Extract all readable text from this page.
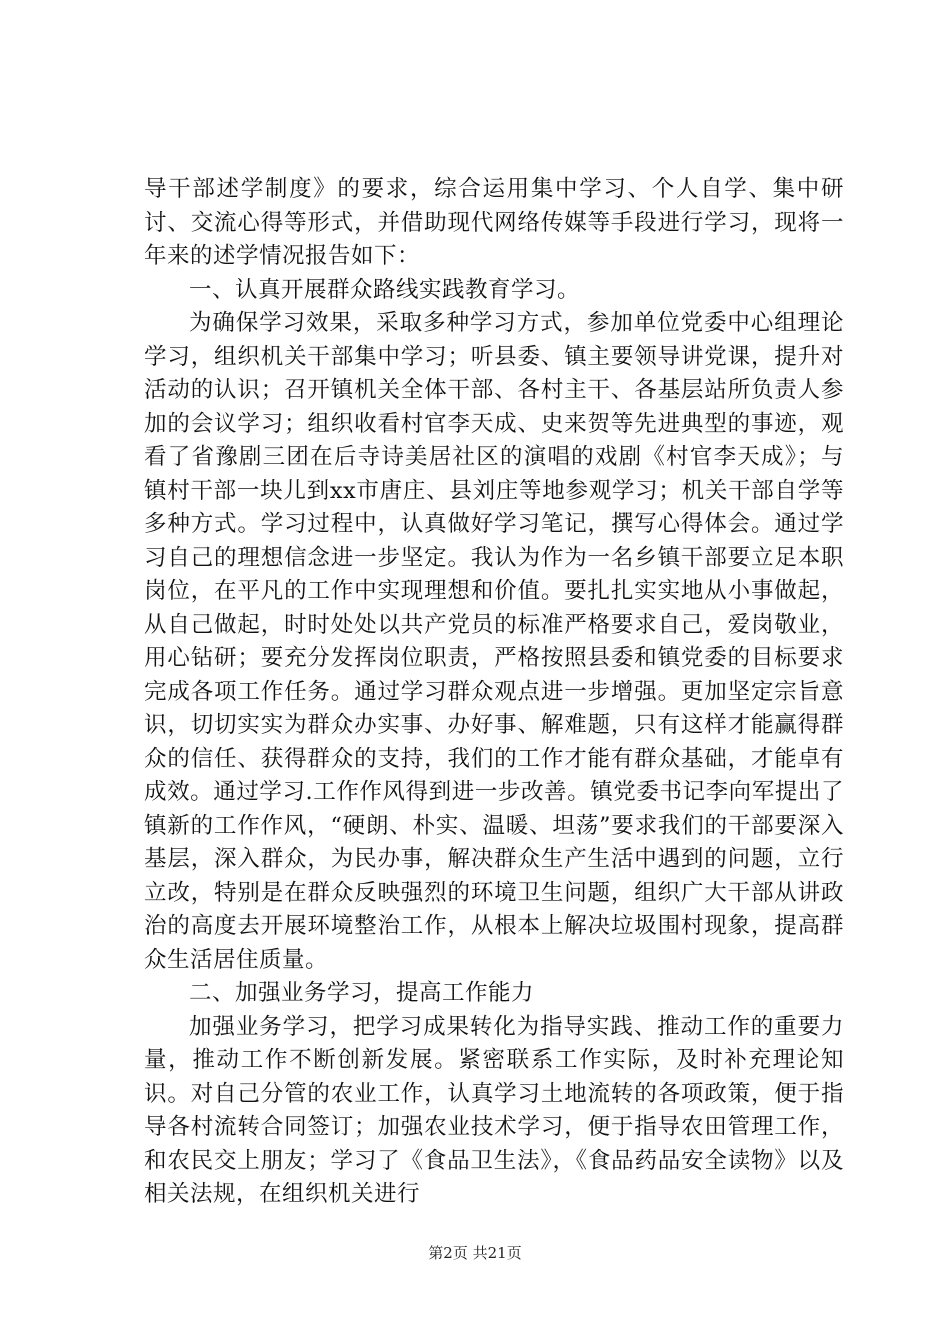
导干部述学制度》的要求，综合运用集中学习、个人自学、集中研讨、交流心得等形式，并借助现代网络传媒等手段进行学习，现将一年来的述学情况报告如下：

一、认真开展群众路线实践教育学习。

为确保学习效果，采取多种学习方式，参加单位党委中心组理论学习，组织机关干部集中学习；听县委、镇主要领导讲党课，提升对活动的认识；召开镇机关全体干部、各村主干、各基层站所负责人参加的会议学习；组织收看村官李天成、史来贺等先进典型的事迹，观看了省豫剧三团在后寺诗美居社区的演唱的戏剧《村官李天成》；与镇村干部一块儿到xx市唐庄、县刘庄等地参观学习；机关干部自学等多种方式。学习过程中，认真做好学习笔记，撰写心得体会。通过学习自己的理想信念进一步坚定。我认为作为一名乡镇干部要立足本职岗位，在平凡的工作中实现理想和价值。要扎扎实实地从小事做起，从自己做起，时时处处以共产党员的标准严格要求自己，爱岗敬业，用心钻研；要充分发挥岗位职责，严格按照县委和镇党委的目标要求完成各项工作任务。通过学习群众观点进一步增强。更加坚定宗旨意识，切切实实为群众办实事、办好事、解难题，只有这样才能赢得群众的信任、获得群众的支持，我们的工作才能有群众基础，才能卓有成效。通过学习.工作作风得到进一步改善。镇党委书记李向军提出了镇新的工作作风，“硬朗、朴实、温暖、坦荡”要求我们的干部要深入基层，深入群众，为民办事，解决群众生产生活中遇到的问题，立行立改，特别是在群众反映强烈的环境卫生问题，组织广大干部从讲政治的高度去开展环境整治工作，从根本上解决垃圾围村现象，提高群众生活居住质量。

二、加强业务学习，提高工作能力

加强业务学习，把学习成果转化为指导实践、推动工作的重要力量，推动工作不断创新发展。紧密联系工作实际，及时补充理论知识。对自己分管的农业工作，认真学习土地流转的各项政策，便于指导各村流转合同签订；加强农业技术学习，便于指导农田管理工作，和农民交上朋友；学习了《食品卫生法》，《食品药品安全读物》以及相关法规，在组织机关进行

第2页 共21页
